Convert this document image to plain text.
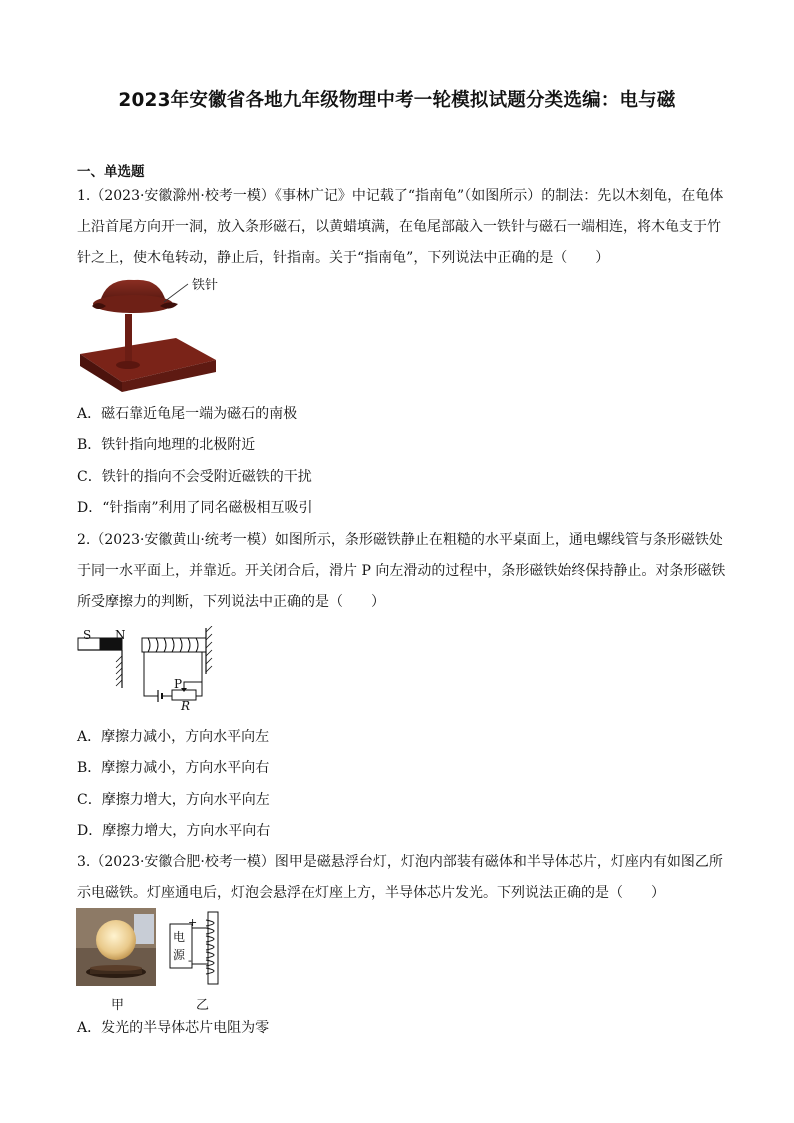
2023年安徽省各地九年级物理中考一轮模拟试题分类选编：电与磁
一、单选题
1.（2023·安徽滁州·校考一模）《事林广记》中记载了“指南龟”（如图所示）的制法：先以木刻龟，在龟体
上沿首尾方向开一洞，放入条形磁石，以黄蜡填满，在龟尾部敲入一铁针与磁石一端相连，将木龟支于竹
针之上，使木龟转动，静止后，针指南。关于“指南龟”，下列说法中正确的是（　　）
铁针
A．磁石靠近龟尾一端为磁石的南极
B．铁针指向地理的北极附近
C．铁针的指向不会受附近磁铁的干扰
D．“针指南”利用了同名磁极相互吸引
2.（2023·安徽黄山·统考一模）如图所示，条形磁铁静止在粗糙的水平桌面上，通电螺线管与条形磁铁处
于同一水平面上，并靠近。开关闭合后，滑片 P 向左滑动的过程中，条形磁铁始终保持静止。对条形磁铁
所受摩擦力的判断，下列说法中正确的是（　　）
S N
P
R
A．摩擦力减小，方向水平向左
B．摩擦力减小，方向水平向右
C．摩擦力增大，方向水平向左
D．摩擦力增大，方向水平向右
3.（2023·安徽合肥·校考一模）图甲是磁悬浮台灯，灯泡内部装有磁体和半导体芯片，灯座内有如图乙所
示电磁铁。灯座通电后，灯泡会悬浮在灯座上方，半导体芯片发光。下列说法正确的是（　　）
+
-
电
源
甲	乙
A．发光的半导体芯片电阻为零
